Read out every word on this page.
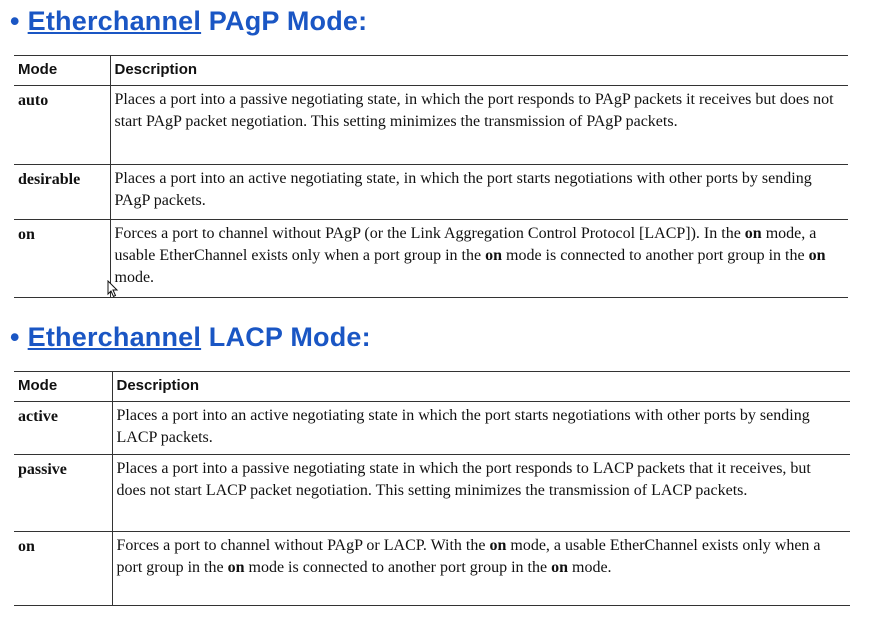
• Etherchannel PAgP Mode:
Mode	Description
auto	Places a port into a passive negotiating state, in which the port responds to PAgP packets it receives but does not start PAgP packet negotiation. This setting minimizes the transmission of PAgP packets.
desirable	Places a port into an active negotiating state, in which the port starts negotiations with other ports by sending PAgP packets.
on	Forces a port to channel without PAgP (or the Link Aggregation Control Protocol [LACP]). In the on mode, a usable EtherChannel exists only when a port group in the on mode is connected to another port group in the on mode.
• Etherchannel LACP Mode:
Mode	Description
active	Places a port into an active negotiating state in which the port starts negotiations with other ports by sending LACP packets.
passive	Places a port into a passive negotiating state in which the port responds to LACP packets that it receives, but does not start LACP packet negotiation. This setting minimizes the transmission of LACP packets.
on	Forces a port to channel without PAgP or LACP. With the on mode, a usable EtherChannel exists only when a port group in the on mode is connected to another port group in the on mode.
